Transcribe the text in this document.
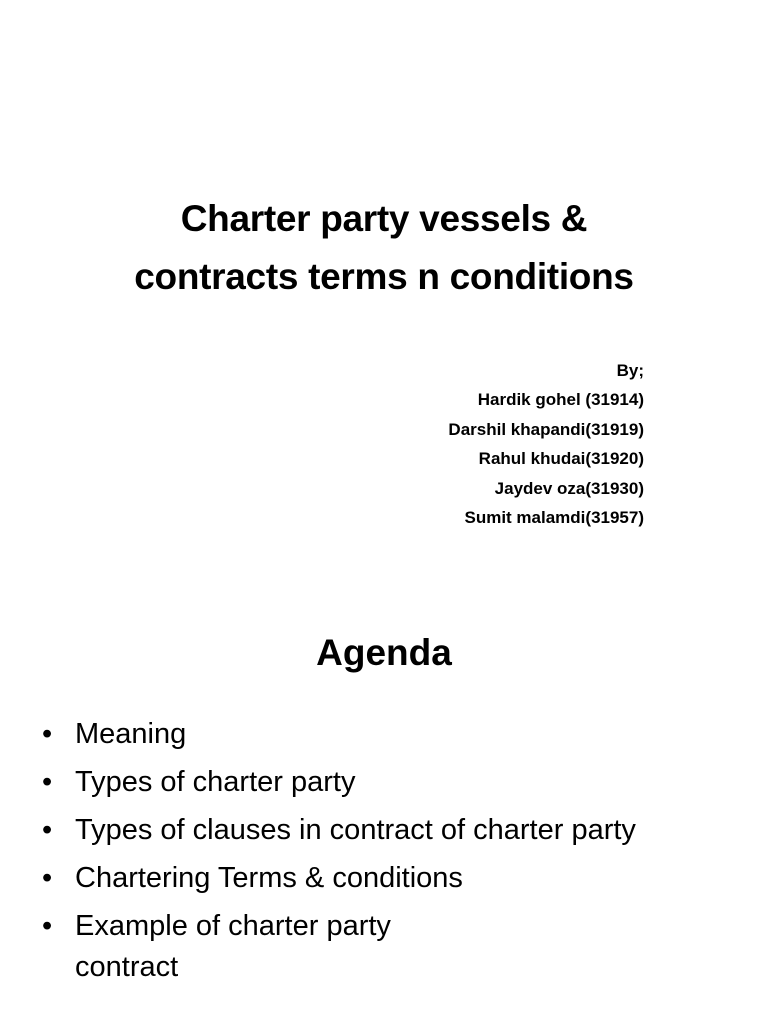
Charter party vessels &
contracts terms n conditions
By;
Hardik gohel (31914)
Darshil khapandi(31919)
Rahul khudai(31920)
Jaydev oza(31930)
Sumit malamdi(31957)
Agenda
• Meaning
• Types of charter party
• Types of clauses in contract of charter party
• Chartering Terms & conditions
• Example of charter party contract
